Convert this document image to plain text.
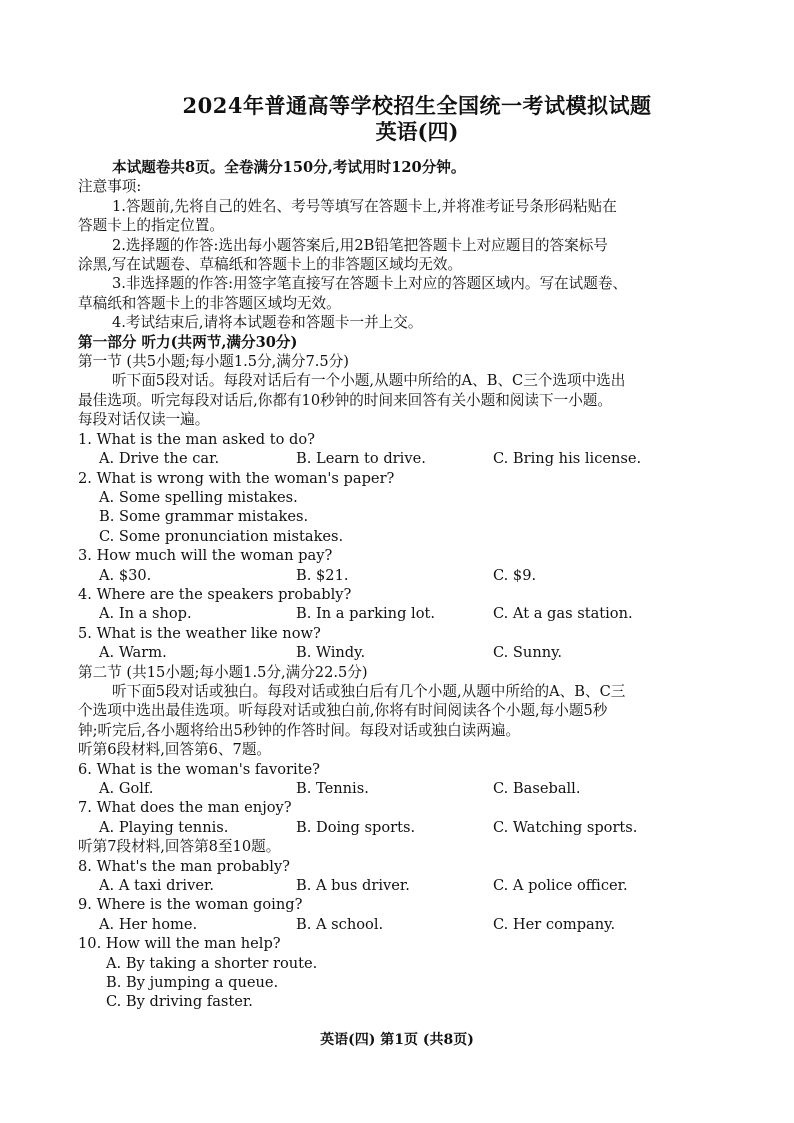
2024年普通高等学校招生全国统一考试模拟试题
英语(四)
本试题卷共8页。全卷满分150分,考试用时120分钟。
注意事项:
1.答题前,先将自己的姓名、考号等填写在答题卡上,并将准考证号条形码粘贴在
答题卡上的指定位置。
2.选择题的作答:选出每小题答案后,用2B铅笔把答题卡上对应题目的答案标号
涂黑,写在试题卷、草稿纸和答题卡上的非答题区域均无效。
3.非选择题的作答:用签字笔直接写在答题卡上对应的答题区域内。写在试题卷、
草稿纸和答题卡上的非答题区域均无效。
4.考试结束后,请将本试题卷和答题卡一并上交。
第一部分 听力(共两节,满分30分)
第一节 (共5小题;每小题1.5分,满分7.5分)
听下面5段对话。每段对话后有一个小题,从题中所给的A、B、C三个选项中选出
最佳选项。听完每段对话后,你都有10秒钟的时间来回答有关小题和阅读下一小题。
每段对话仅读一遍。
1. What is the man asked to do?
A. Drive the car.	B. Learn to drive.	C. Bring his license.
2. What is wrong with the woman's paper?
A. Some spelling mistakes.
B. Some grammar mistakes.
C. Some pronunciation mistakes.
3. How much will the woman pay?
A. $30.	B. $21.	C. $9.
4. Where are the speakers probably?
A. In a shop.	B. In a parking lot.	C. At a gas station.
5. What is the weather like now?
A. Warm.	B. Windy.	C. Sunny.
第二节 (共15小题;每小题1.5分,满分22.5分)
听下面5段对话或独白。每段对话或独白后有几个小题,从题中所给的A、B、C三
个选项中选出最佳选项。听每段对话或独白前,你将有时间阅读各个小题,每小题5秒
钟;听完后,各小题将给出5秒钟的作答时间。每段对话或独白读两遍。
听第6段材料,回答第6、7题。
6. What is the woman's favorite?
A. Golf.	B. Tennis.	C. Baseball.
7. What does the man enjoy?
A. Playing tennis.	B. Doing sports.	C. Watching sports.
听第7段材料,回答第8至10题。
8. What's the man probably?
A. A taxi driver.	B. A bus driver.	C. A police officer.
9. Where is the woman going?
A. Her home.	B. A school.	C. Her company.
10. How will the man help?
A. By taking a shorter route.
B. By jumping a queue.
C. By driving faster.
英语(四) 第1页 (共8页)
